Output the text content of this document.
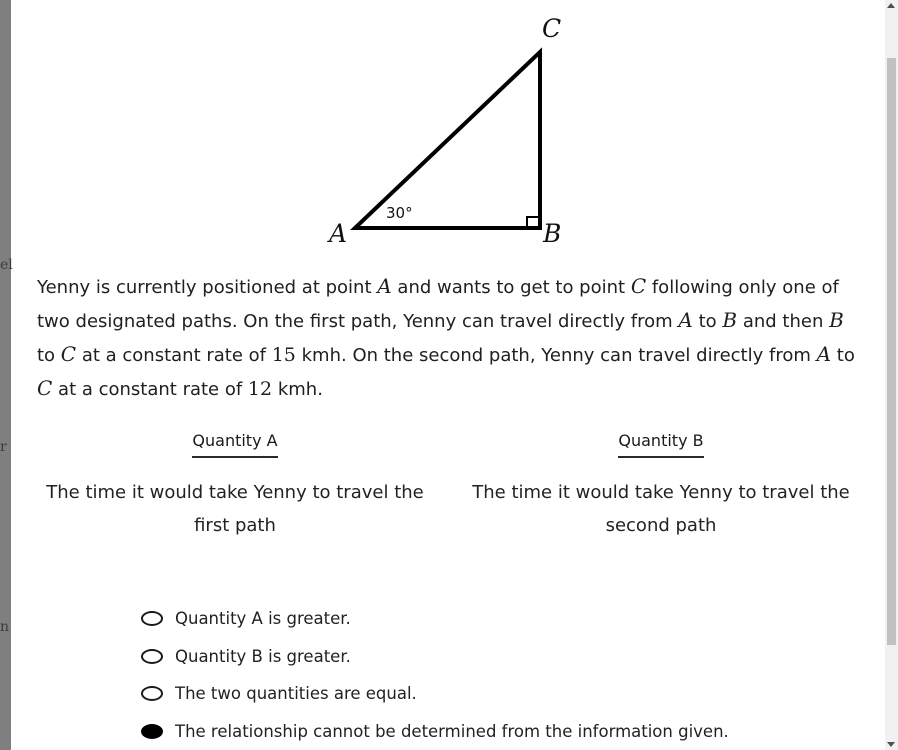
el
r
n
C
A	B
30°
Yenny is currently positioned at point A and wants to get to point C following only one of two designated paths. On the first path, Yenny can travel directly from A to B and then B to C at a constant rate of 15 kmh. On the second path, Yenny can travel directly from A to C at a constant rate of 12 kmh.
Quantity A
The time it would take Yenny to travel the first path
Quantity B
The time it would take Yenny to travel the second path
Quantity A is greater.
Quantity B is greater.
The two quantities are equal.
The relationship cannot be determined from the information given.
